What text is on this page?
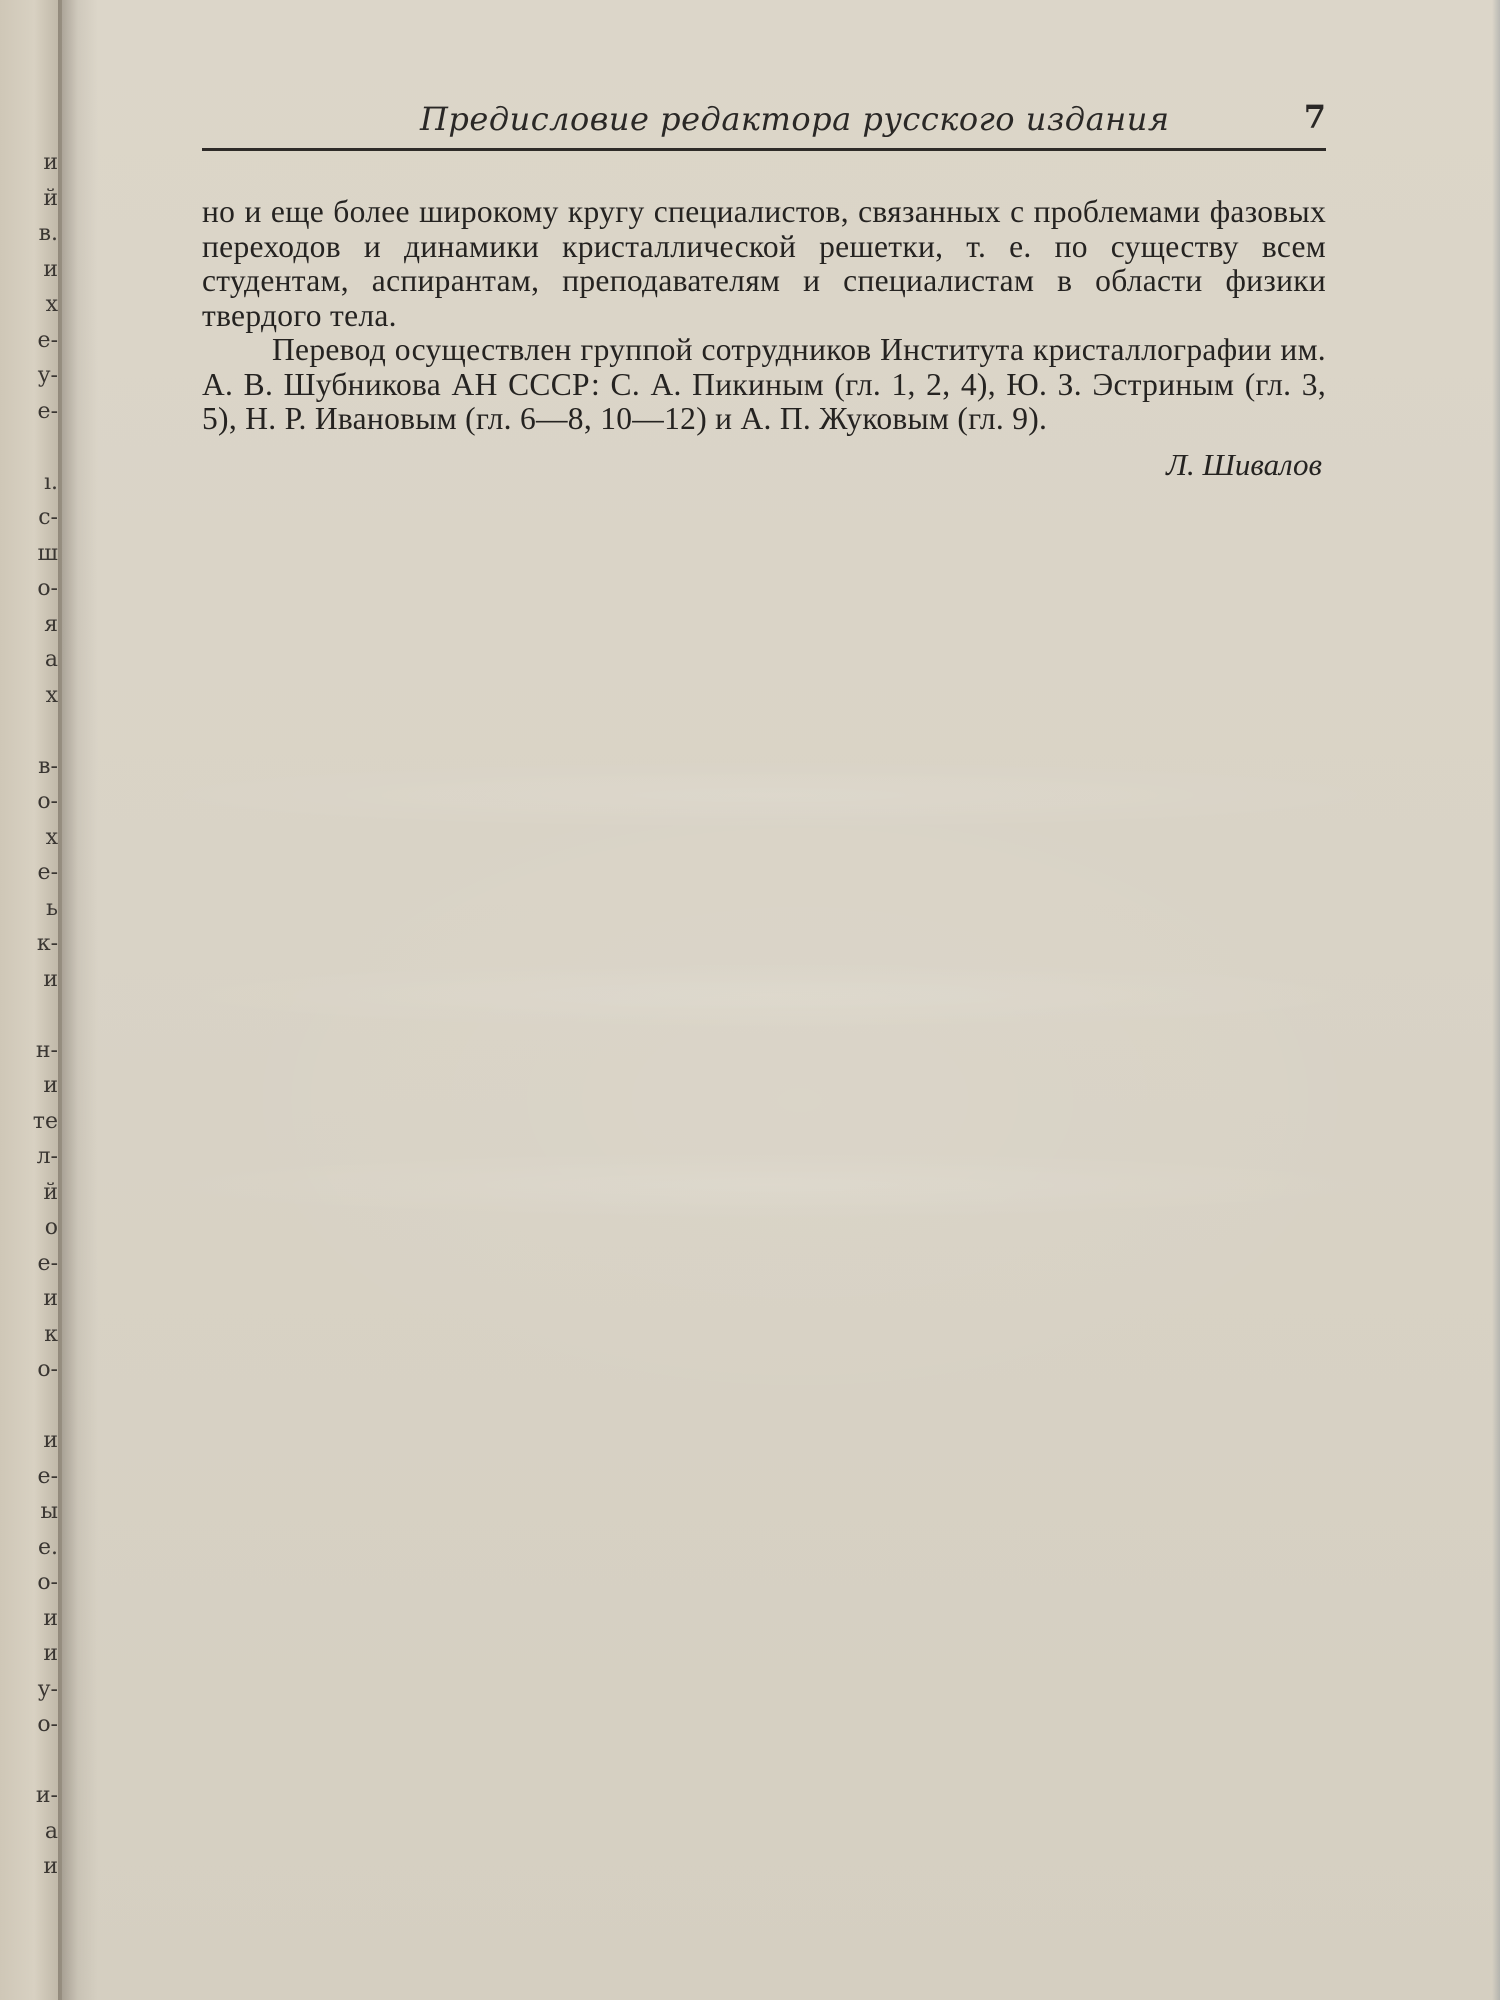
и
й
в.
и
х
е-
у-
е-
ı.
с-
ш
о-
я
а
х
в-
о-
х
е-
ь
к-
и
н-
и
те
л-
й
о
е-
и
к
о-
и
е-
ы
е.
о-
и
и
у-
о-
и-
а
и
Предисловие редактора русского издания	7

но и еще более широкому кругу специалистов, связанных с проблемами фазовых переходов и динамики кристаллической решетки, т. е. по существу всем студентам, аспирантам, преподавателям и специалистам в области физики твердого тела.

Перевод осуществлен группой сотрудников Института кристаллографии им. А. В. Шубникова АН СССР: С. А. Пикиным (гл. 1, 2, 4), Ю. З. Эстриным (гл. 3, 5), Н. Р. Ивановым (гл. 6—8, 10—12) и А. П. Жуковым (гл. 9).

Л. Шивалов
